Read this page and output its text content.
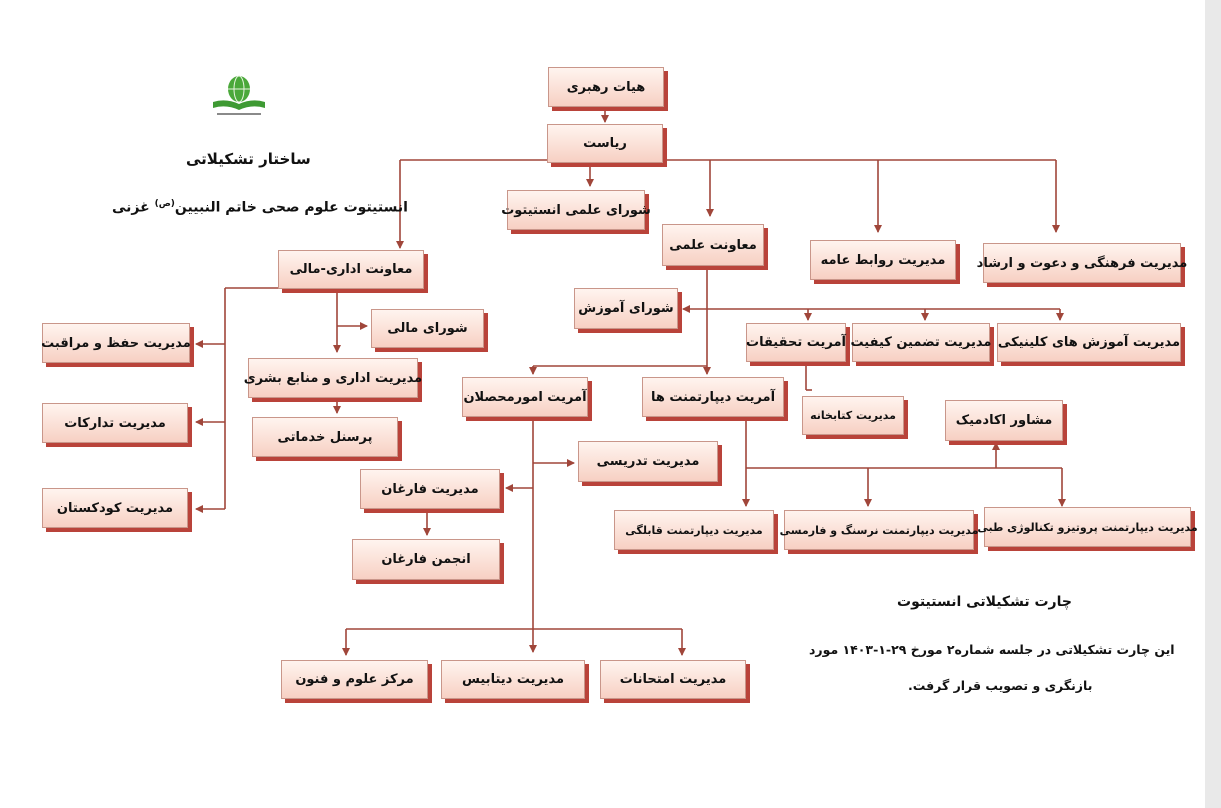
ساختار تشکیلاتی
انستیتوت علوم صحی خاتم النبیین$^{(ص)}$ غزنی
هیات رهبری
ریاست
شورای علمی انستیتوت
معاونت علمی
مدیریت روابط عامه	مدیریت فرهنگی و دعوت و ارشاد
معاونت اداری-مالی
شورای مالی
مدیریت اداری و منابع بشری
پرسنل خدماتی
مدیریت حفظ و مراقبت
مدیریت تدارکات
مدیریت کودکستان
شورای آموزش
آمریت تحقیقات مدیریت تضمین کیفیت مدیریت آموزش های کلینیکی
مدیریت کتابخانه
آمریت امورمحصلان	آمریت دیپارتمنت ها
مشاور اکادمیک
مدیریت تدریسی
مدیریت فارغان
انجمن فارغان
مدیریت دیپارتمنت قابلگی	مدیریت دیپارتمنت نرسنگ و فارمسی
مدیریت دیپارتمنت پروتیزو تکنالوژی طبی
مرکز علوم و فنون	مدیریت دیتابیس	مدیریت امتحانات
چارت تشکیلاتی انستیتوت
این چارت تشکیلاتی در جلسه شماره۲ مورخ ۲۹-۱-۱۴۰۳ مورد
بازنگری و تصویب قرار گرفت.
